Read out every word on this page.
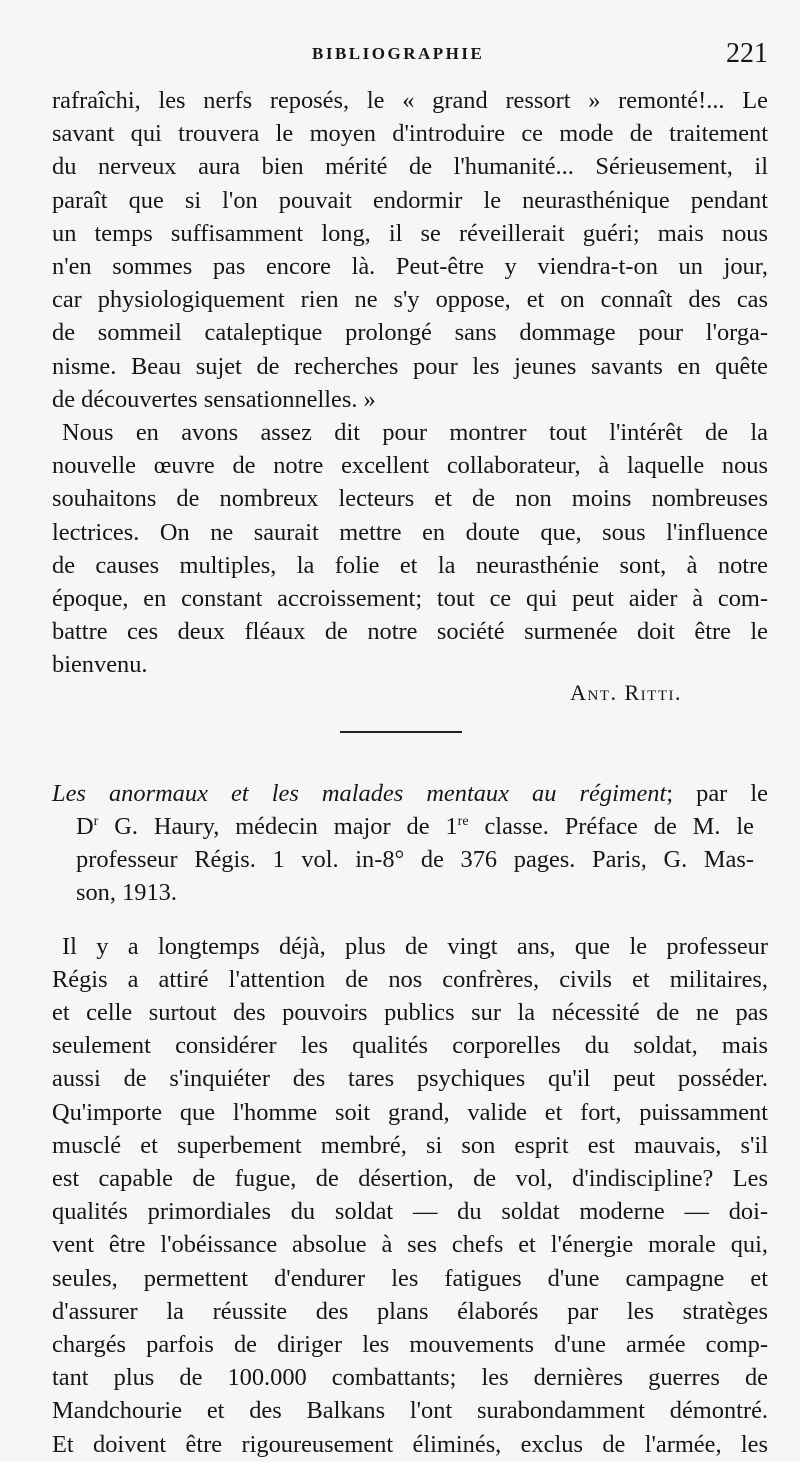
BIBLIOGRAPHIE	221
rafraîchi, les nerfs reposés, le « grand ressort » remonté!... Le
savant qui trouvera le moyen d'introduire ce mode de traitement
du nerveux aura bien mérité de l'humanité... Sérieusement, il
paraît que si l'on pouvait endormir le neurasthénique pendant
un temps suffisamment long, il se réveillerait guéri; mais nous
n'en sommes pas encore là. Peut-être y viendra-t-on un jour,
car physiologiquement rien ne s'y oppose, et on connaît des cas
de sommeil cataleptique prolongé sans dommage pour l'orga-
nisme. Beau sujet de recherches pour les jeunes savants en quête
de découvertes sensationnelles. »
Nous en avons assez dit pour montrer tout l'intérêt de la
nouvelle œuvre de notre excellent collaborateur, à laquelle nous
souhaitons de nombreux lecteurs et de non moins nombreuses
lectrices. On ne saurait mettre en doute que, sous l'influence
de causes multiples, la folie et la neurasthénie sont, à notre
époque, en constant accroissement; tout ce qui peut aider à com-
battre ces deux fléaux de notre société surmenée doit être le
bienvenu.
Ant. Ritti.
Les anormaux et les malades mentaux au régiment; par le
$D^r$ G. Haury, médecin major de 1re classe. Préface de M. le
professeur Régis. 1 vol. in-8° de 376 pages. Paris, G. Mas-
son, 1913.
Il y a longtemps déjà, plus de vingt ans, que le professeur
Régis a attiré l'attention de nos confrères, civils et militaires,
et celle surtout des pouvoirs publics sur la nécessité de ne pas
seulement considérer les qualités corporelles du soldat, mais
aussi de s'inquiéter des tares psychiques qu'il peut posséder.
Qu'importe que l'homme soit grand, valide et fort, puissamment
musclé et superbement membré, si son esprit est mauvais, s'il
est capable de fugue, de désertion, de vol, d'indiscipline? Les
qualités primordiales du soldat — du soldat moderne — doi-
vent être l'obéissance absolue à ses chefs et l'énergie morale qui,
seules, permettent d'endurer les fatigues d'une campagne et
d'assurer la réussite des plans élaborés par les stratèges
chargés parfois de diriger les mouvements d'une armée comp-
tant plus de 100.000 combattants; les dernières guerres de
Mandchourie et des Balkans l'ont surabondamment démontré.
Et doivent être rigoureusement éliminés, exclus de l'armée, les
